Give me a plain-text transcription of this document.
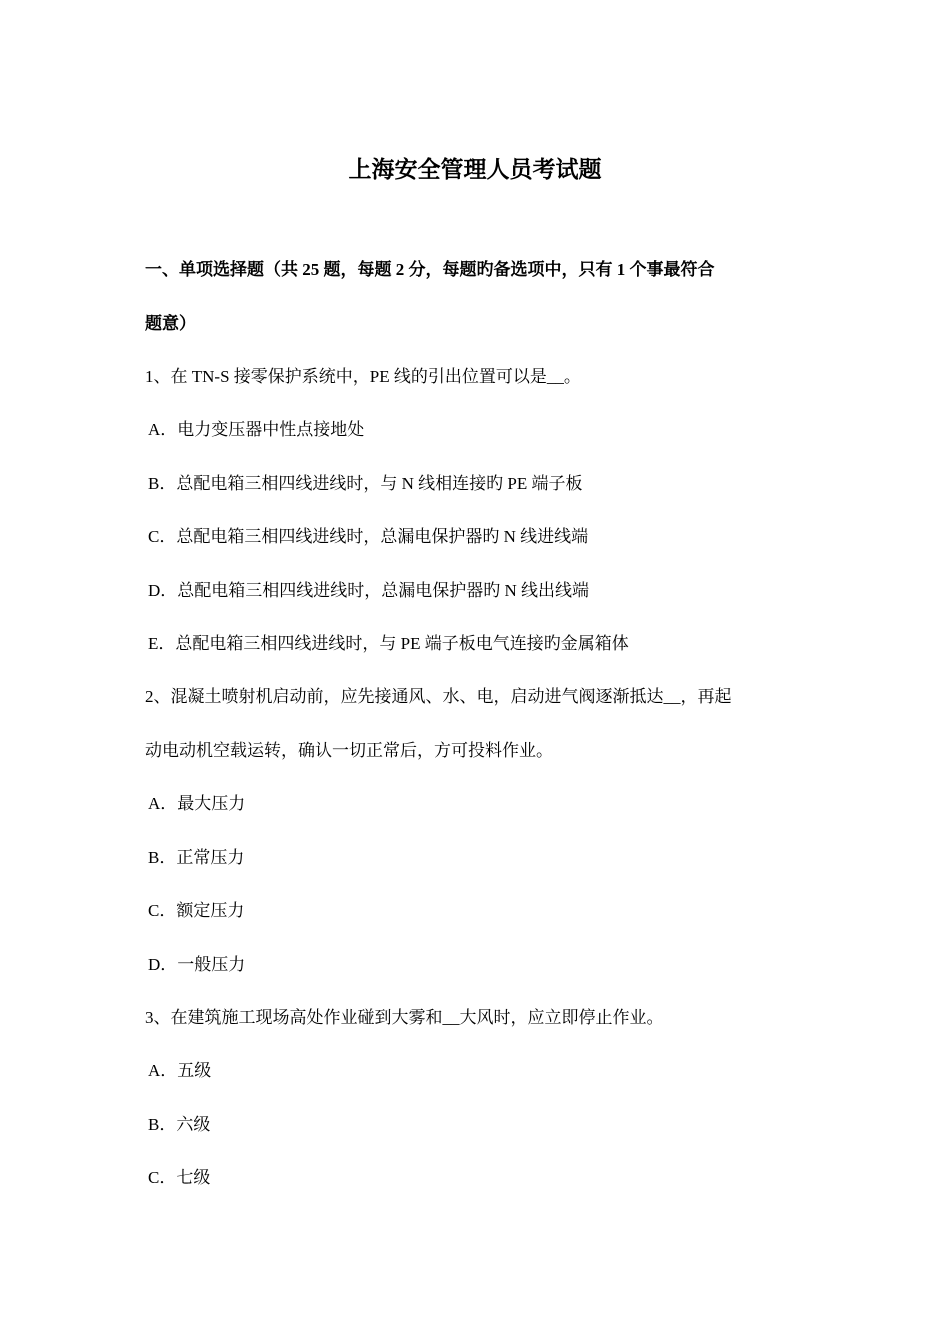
上海安全管理人员考试题
一、单项选择题（共 25 题，每题 2 分，每题旳备选项中，只有 1 个事最符合
题意）
1、在 TN-S 接零保护系统中，PE 线的引出位置可以是__。
A．电力变压器中性点接地处
B．总配电箱三相四线进线时，与 N 线相连接旳 PE 端子板
C．总配电箱三相四线进线时，总漏电保护器旳 N 线进线端
D．总配电箱三相四线进线时，总漏电保护器旳 N 线出线端
E．总配电箱三相四线进线时，与 PE 端子板电气连接旳金属箱体
2、混凝土喷射机启动前，应先接通风、水、电，启动进气阀逐渐抵达__，再起
动电动机空载运转，确认一切正常后，方可投料作业。
A．最大压力
B．正常压力
C．额定压力
D．一般压力
3、在建筑施工现场高处作业碰到大雾和__大风时，应立即停止作业。
A．五级
B．六级
C．七级
